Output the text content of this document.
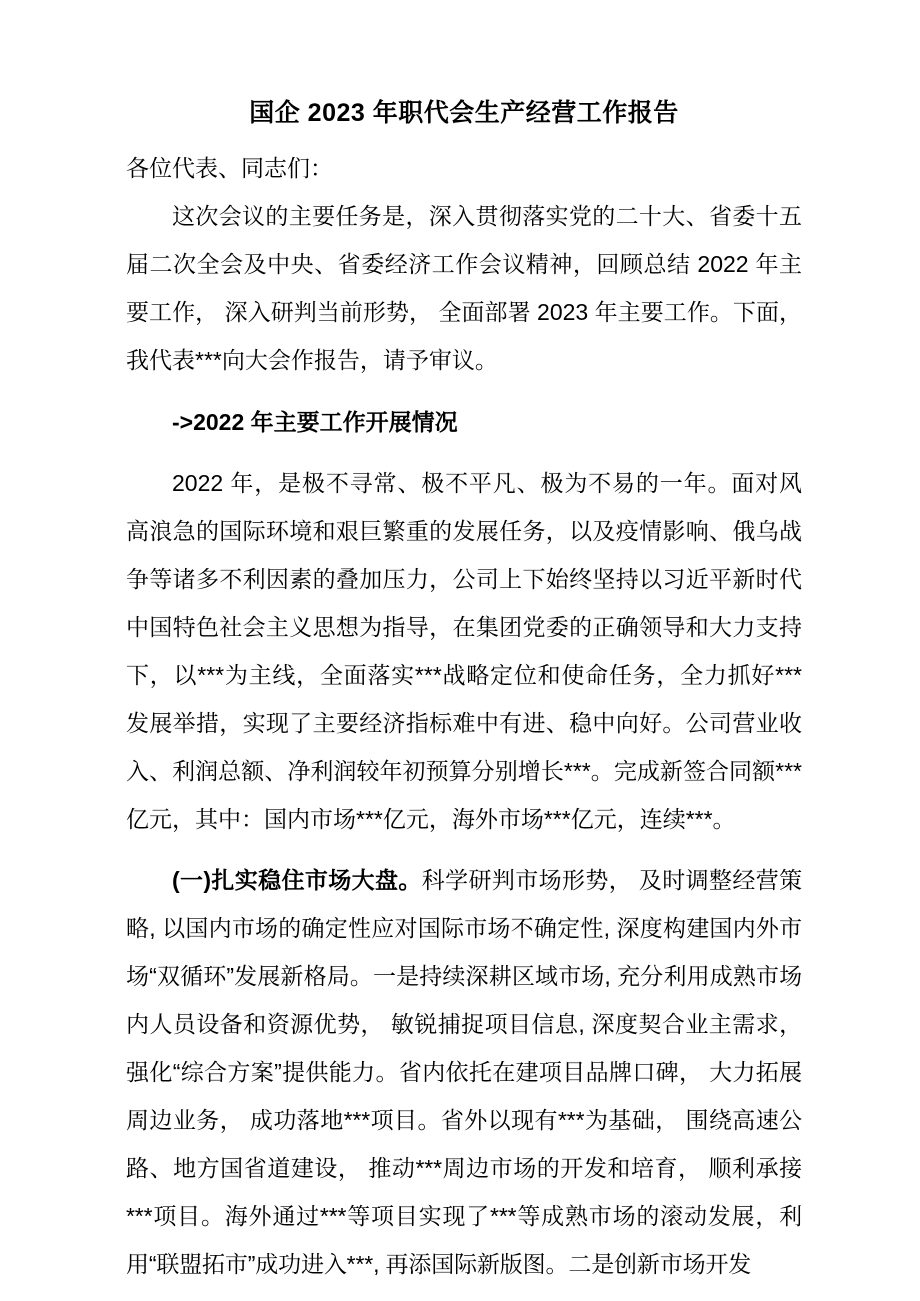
国企 2023 年职代会生产经营工作报告

各位代表、同志们：

这次会议的主要任务是，深入贯彻落实党的二十大、省委十五届二次全会及中央、省委经济工作会议精神，回顾总结 2022 年主要工作， 深入研判当前形势， 全面部署 2023 年主要工作。下面，我代表***向大会作报告，请予审议。

->2022 年主要工作开展情况

2022 年，是极不寻常、极不平凡、极为不易的一年。面对风高浪急的国际环境和艰巨繁重的发展任务，以及疫情影响、俄乌战争等诸多不利因素的叠加压力，公司上下始终坚持以习近平新时代中国特色社会主义思想为指导，在集团党委的正确领导和大力支持下，以***为主线，全面落实***战略定位和使命任务，全力抓好***发展举措，实现了主要经济指标难中有进、稳中向好。公司营业收入、利润总额、净利润较年初预算分别增长***。完成新签合同额***亿元，其中：国内市场***亿元，海外市场***亿元，连续***。

(一)扎实稳住市场大盘。科学研判市场形势， 及时调整经营策略, 以国内市场的确定性应对国际市场不确定性, 深度构建国内外市场“双循环”发展新格局。一是持续深耕区域市场, 充分利用成熟市场内人员设备和资源优势， 敏锐捕捉项目信息, 深度契合业主需求， 强化“综合方案”提供能力。省内依托在建项目品牌口碑， 大力拓展周边业务， 成功落地***项目。省外以现有***为基础， 围绕高速公路、地方国省道建设， 推动***周边市场的开发和培育， 顺利承接***项目。海外通过***等项目实现了***等成熟市场的滚动发展，利用“联盟拓市”成功进入***, 再添国际新版图。二是创新市场开发
